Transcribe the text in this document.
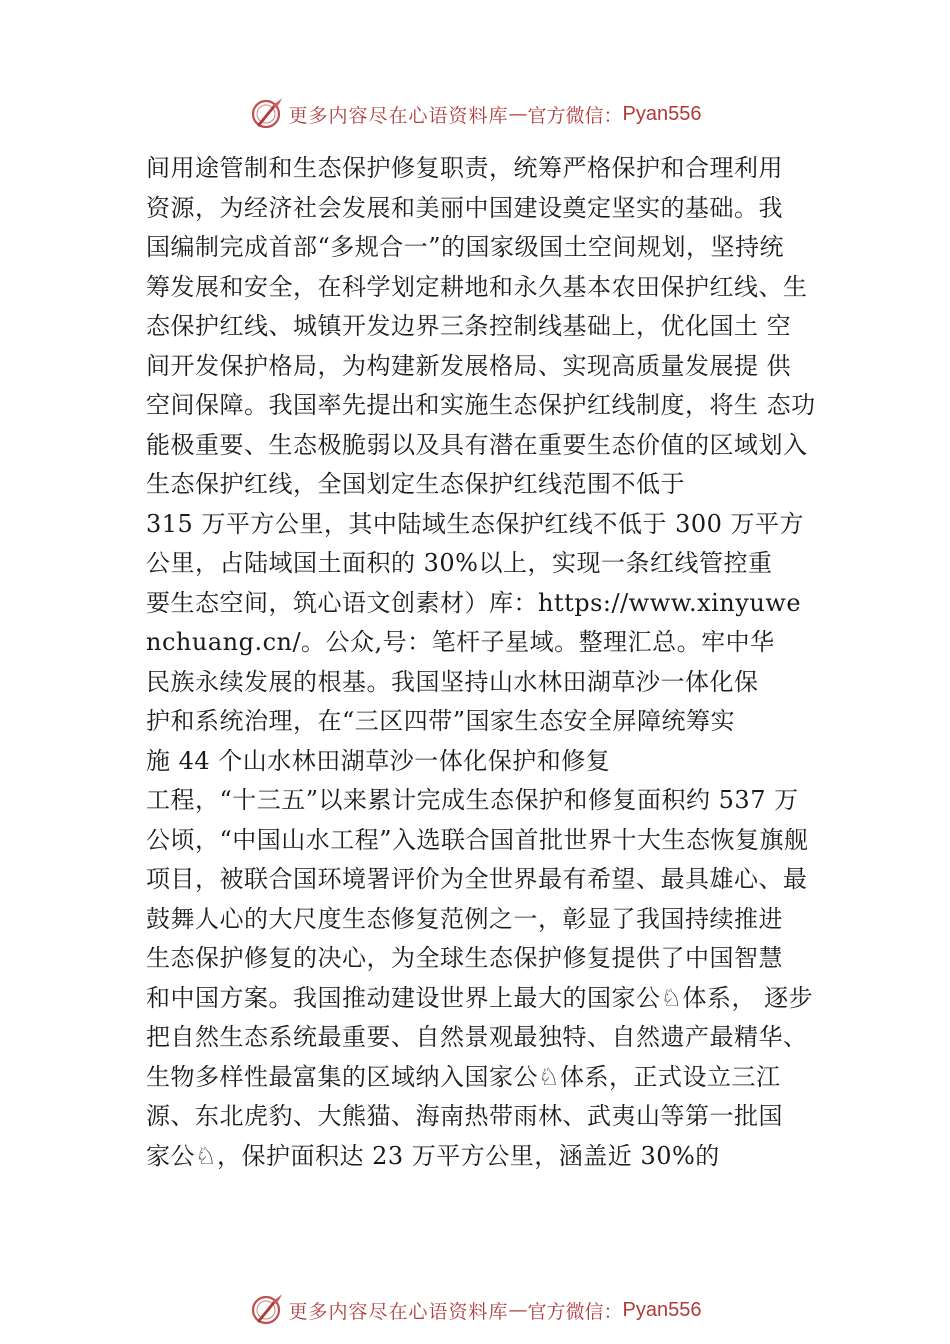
更多内容尽在心语资料库 — 官方微信： Pyan556
间用途管制和生态保护修复职责，统筹严格保护和合理利用
资源，为经济社会发展和美丽中国建设奠定坚实的基础。我
国编制完成首部“多规合一”的国家级国土空间规划，坚持统
筹发展和安全，在科学划定耕地和永久基本农田保护红线、生
态保护红线、城镇开发边界三条控制线基础上，优化国土 空
间开发保护格局，为构建新发展格局、实现高质量发展提 供
空间保障。我国率先提出和实施生态保护红线制度，将生 态功
能极重要、生态极脆弱以及具有潜在重要生态价值的区域划入
生态保护红线，全国划定生态保护红线范围不低于
315 万平方公里，其中陆域生态保护红线不低于 300 万平方
公里，占陆域国土面积的 30%以上，实现一条红线管控重
要生态空间，筑心语文创素材）库：https://www.xinyuwe
nchuang.cn/。公众,号：笔杆子星域。整理汇总。牢中华
民族永续发展的根基。我国坚持山水林田湖草沙一体化保
护和系统治理，在“三区四带”国家生态安全屏障统筹实
施 44 个山水林田湖草沙一体化保护和修复
工程，“十三五”以来累计完成生态保护和修复面积约 537 万
公顷，“中国山水工程”入选联合国首批世界十大生态恢复旗舰
项目，被联合国环境署评价为全世界最有希望、最具雄心、最
鼓舞人心的大尺度生态修复范例之一，彰显了我国持续推进
生态保护修复的决心，为全球生态保护修复提供了中国智慧
和中国方案。我国推动建设世界上最大的国家公♘体系， 逐步
把自然生态系统最重要、自然景观最独特、自然遗产最精华、
生物多样性最富集的区域纳入国家公♘体系，正式设立三江
源、东北虎豹、大熊猫、海南热带雨林、武夷山等第一批国
家公♘，保护面积达 23 万平方公里，涵盖近 30%的
更多内容尽在心语资料库 — 官方微信： Pyan556
